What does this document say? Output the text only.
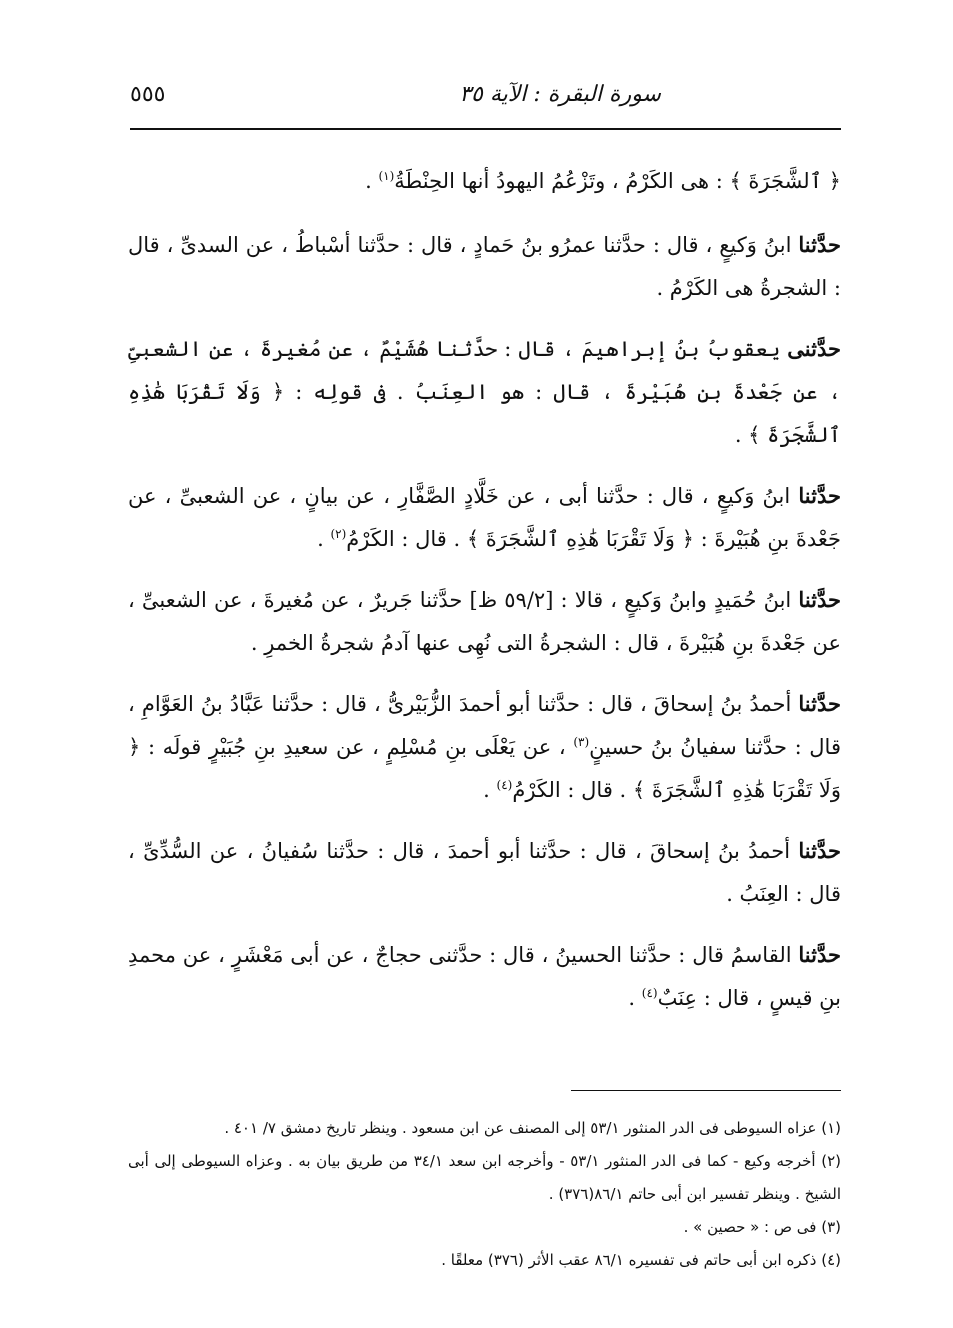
سورة البقرة : الآية ٣٥
٥٥٥

﴿ ٱلشَّجَرَةَ ﴾ : هى الكَرْمُ ، وتَزْعُمُ اليهودُ أنها الحِنْطَةُ$^{(١)}$ .

حدَّثنا ابنُ وَكيعٍ ، قال : حدَّثنا عمرُو بنُ حَمادٍ ، قال : حدَّثنا أسْباطُ ، عن السدىِّ ، قال : الشجرةُ هى الكَرْمُ .

حدَّثنى يعقوبُ بنُ إبراهيمَ ، قال : حدَّثنا هُشَيْمٌ ، عن مُغيرةَ ، عن الشعبىِّ ، عن جَعْدةَ بنِ هُبَيْرةَ ، قال : هو العِنَبُ . فى قولِه : ﴿ وَلَا تَقْرَبَا هَٰذِهِ ٱلشَّجَرَةَ ﴾ .

حدَّثنا ابنُ وَكيعٍ ، قال : حدَّثنا أبى ، عن خَلَّادٍ الصَّفَّارِ ، عن بيانٍ ، عن الشعبىِّ ، عن جَعْدةَ بنِ هُبَيْرةَ : ﴿ وَلَا تَقْرَبَا هَٰذِهِ ٱلشَّجَرَةَ ﴾ . قال : الكَرْمُ$^{(٢)}$ .

حدَّثنا ابنُ حُمَيدٍ وابنُ وَكيعٍ ، قالا : [٥٩/٢ ظ] حدَّثنا جَريرٌ ، عن مُغيرةَ ، عن الشعبىِّ ، عن جَعْدةَ بنِ هُبَيْرةَ ، قال : الشجرةُ التى نُهِى عنها آدمُ شجرةُ الخمرِ .

حدَّثنا أحمدُ بنُ إسحاقَ ، قال : حدَّثنا أبو أحمدَ الزُّبَيْرىُّ ، قال : حدَّثنا عَبَّادُ بنُ العَوَّامِ ، قال : حدَّثنا سفيانُ بنُ حسينٍ$^{(٣)}$ ، عن يَعْلَى بنِ مُسْلِمٍ ، عن سعيدِ بنِ جُبَيْرٍ قولَه : ﴿ وَلَا تَقْرَبَا هَٰذِهِ ٱلشَّجَرَةَ ﴾ . قال : الكَرْمُ$^{(٤)}$ .

حدَّثنا أحمدُ بنُ إسحاقَ ، قال : حدَّثنا أبو أحمدَ ، قال : حدَّثنا سُفيانُ ، عن السُّدِّىِّ ، قال : العِنَبُ .

حدَّثنا القاسمُ قال : حدَّثنا الحسينُ ، قال : حدَّثنى حجاجٌ ، عن أبى مَعْشَرٍ ، عن محمدِ بنِ قيسٍ ، قال : عِنَبٌ$^{(٤)}$ .

(١) عزاه السيوطى فى الدر المنثور ٥٣/١ إلى المصنف عن ابن مسعود . وينظر تاريخ دمشق ٧/ ٤٠١ .
(٢) أخرجه وكيع - كما فى الدر المنثور ٥٣/١ - وأخرجه ابن سعد ٣٤/١ من طريق بيان به . وعزاه السيوطى إلى أبى الشيخ . وينظر تفسير ابن أبى حاتم ٨٦/١(٣٧٦) .
(٣) فى ص : « حصين » .
(٤) ذكره ابن أبى حاتم فى تفسيره ٨٦/١ عقب الأثر (٣٧٦) معلقًا .
